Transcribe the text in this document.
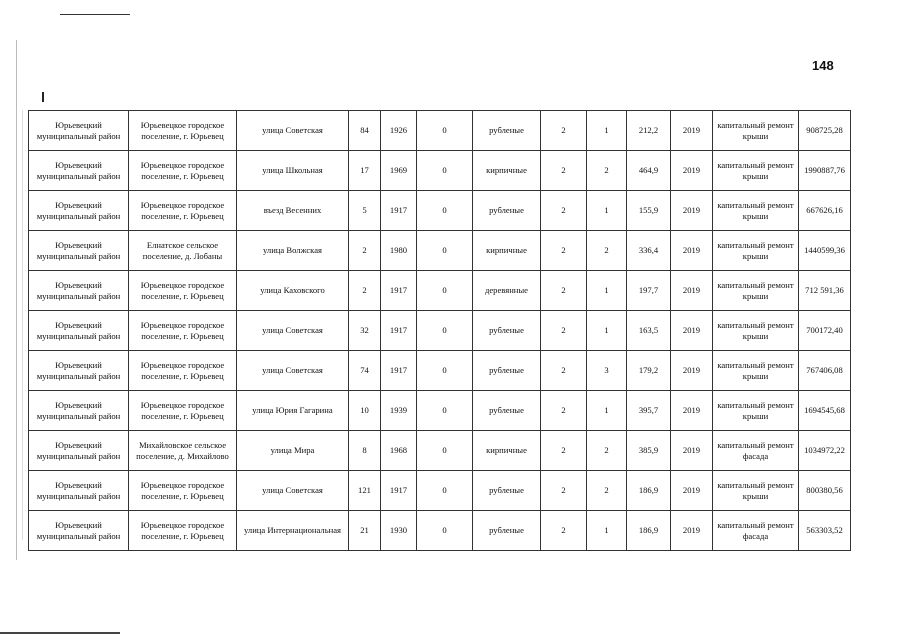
148
Юрьевецкий муниципальный район	Юрьевецкое городское поселение, г. Юрьевец	улица Советская	84	1926	0	рубленые	2	1	212,2	2019	капитальный ремонт крыши	908725,28
Юрьевецкий муниципальный район	Юрьевецкое городское поселение, г. Юрьевец	улица Школьная	17	1969	0	кирпичные	2	2	464,9	2019	капитальный ремонт крыши	1990887,76
Юрьевецкий муниципальный район	Юрьевецкое городское поселение, г. Юрьевец	въезд Весенних	5	1917	0	рубленые	2	1	155,9	2019	капитальный ремонт крыши	667626,16
Юрьевецкий муниципальный район	Елнатское сельское поселение, д. Лобаны	улица Волжская	2	1980	0	кирпичные	2	2	336,4	2019	капитальный ремонт крыши	1440599,36
Юрьевецкий муниципальный район	Юрьевецкое городское поселение, г. Юрьевец	улица Каховского	2	1917	0	деревянные	2	1	197,7	2019	капитальный ремонт крыши	712 591,36
Юрьевецкий муниципальный район	Юрьевецкое городское поселение, г. Юрьевец	улица Советская	32	1917	0	рубленые	2	1	163,5	2019	капитальный ремонт крыши	700172,40
Юрьевецкий муниципальный район	Юрьевецкое городское поселение, г. Юрьевец	улица Советская	74	1917	0	рубленые	2	3	179,2	2019	капитальный ремонт крыши	767406,08
Юрьевецкий муниципальный район	Юрьевецкое городское поселение, г. Юрьевец	улица Юрия Гагарина	10	1939	0	рубленые	2	1	395,7	2019	капитальный ремонт крыши	1694545,68
Юрьевецкий муниципальный район	Михайловское сельское поселение, д. Михайлово	улица Мира	8	1968	0	кирпичные	2	2	385,9	2019	капитальный ремонт фасада	1034972,22
Юрьевецкий муниципальный район	Юрьевецкое городское поселение, г. Юрьевец	улица Советская	121	1917	0	рубленые	2	2	186,9	2019	капитальный ремонт крыши	800380,56
Юрьевецкий муниципальный район	Юрьевецкое городское поселение, г. Юрьевец	улица Интернациональная	21	1930	0	рубленые	2	1	186,9	2019	капитальный ремонт фасада	563303,52
